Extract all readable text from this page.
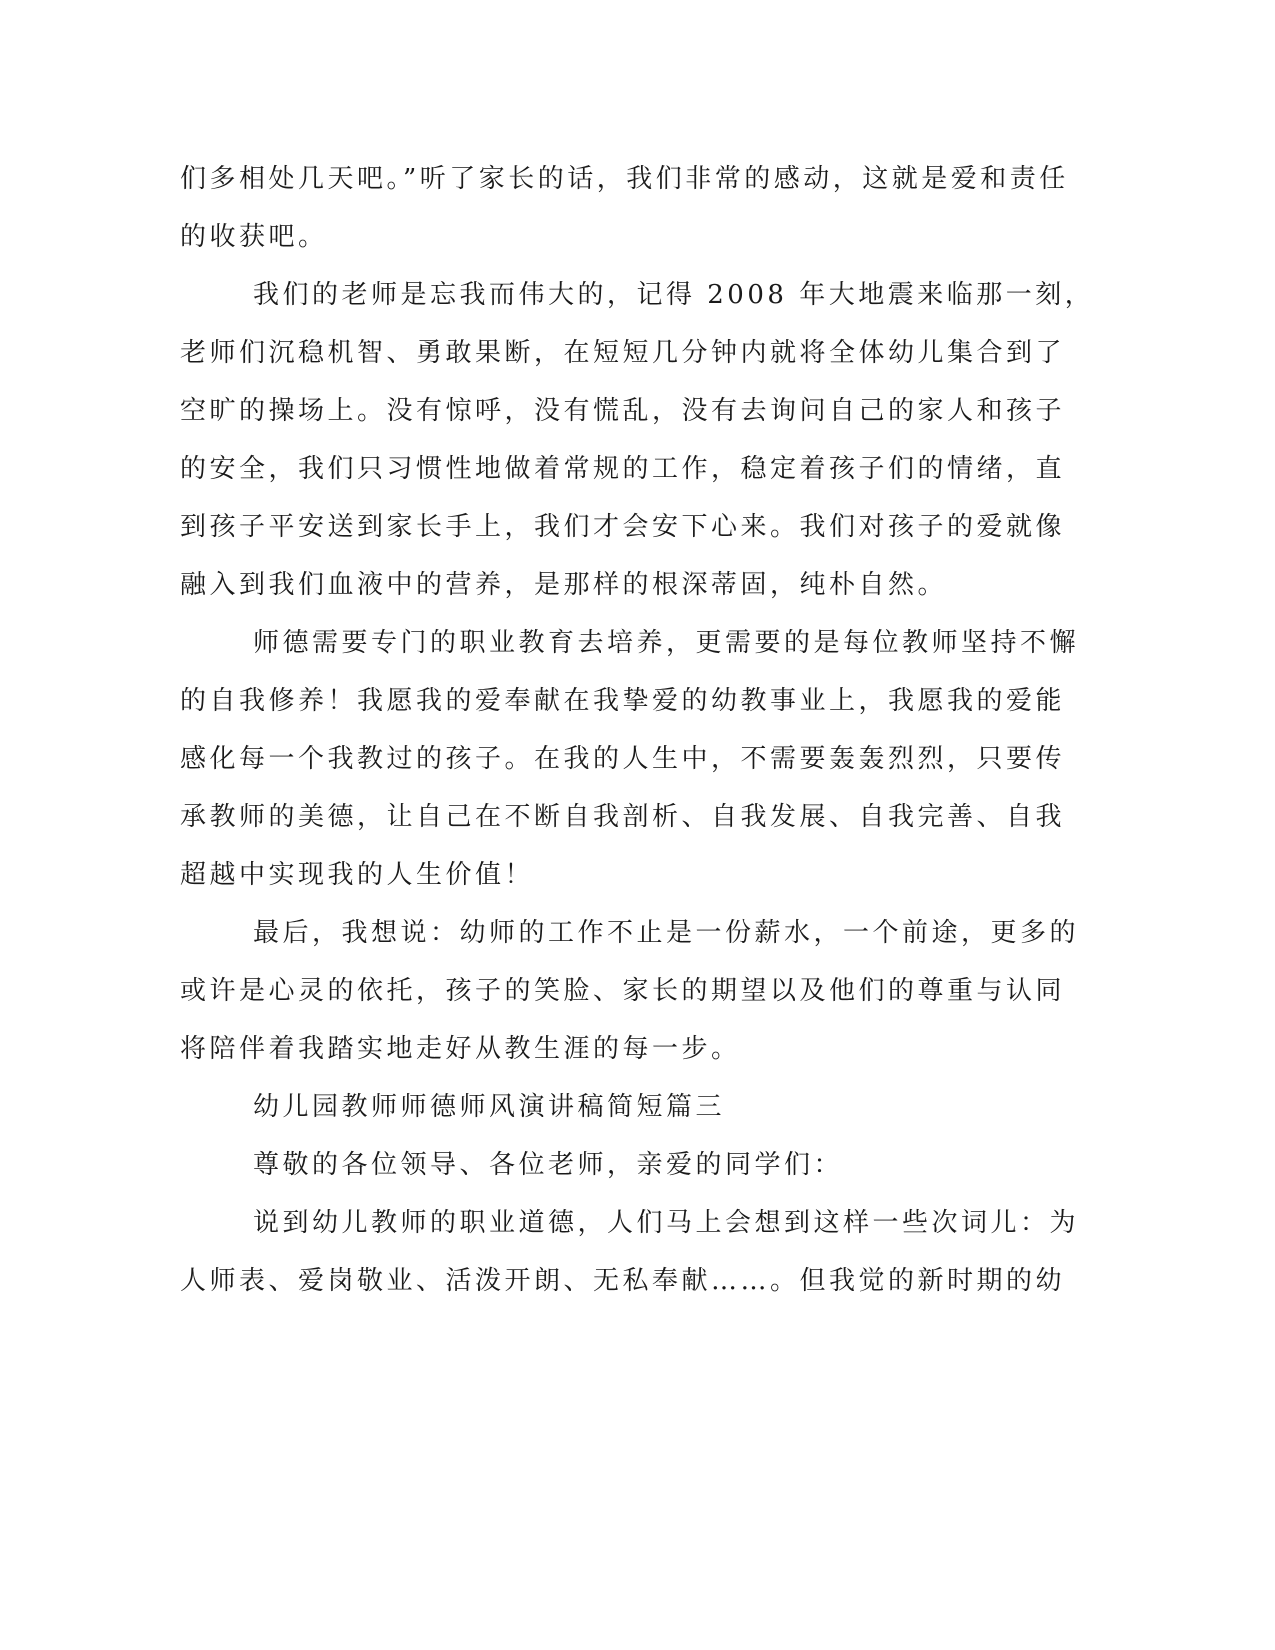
们多相处几天吧。”听了家长的话，我们非常的感动，这就是爱和责任
的收获吧。
我们的老师是忘我而伟大的，记得 2008 年大地震来临那一刻，
老师们沉稳机智、勇敢果断，在短短几分钟内就将全体幼儿集合到了
空旷的操场上。没有惊呼，没有慌乱，没有去询问自己的家人和孩子
的安全，我们只习惯性地做着常规的工作，稳定着孩子们的情绪，直
到孩子平安送到家长手上，我们才会安下心来。我们对孩子的爱就像
融入到我们血液中的营养，是那样的根深蒂固，纯朴自然。
师德需要专门的职业教育去培养，更需要的是每位教师坚持不懈
的自我修养！我愿我的爱奉献在我挚爱的幼教事业上，我愿我的爱能
感化每一个我教过的孩子。在我的人生中，不需要轰轰烈烈，只要传
承教师的美德，让自己在不断自我剖析、自我发展、自我完善、自我
超越中实现我的人生价值！
最后，我想说：幼师的工作不止是一份薪水，一个前途，更多的
或许是心灵的依托，孩子的笑脸、家长的期望以及他们的尊重与认同
将陪伴着我踏实地走好从教生涯的每一步。
幼儿园教师师德师风演讲稿简短篇三
尊敬的各位领导、各位老师，亲爱的同学们：
说到幼儿教师的职业道德，人们马上会想到这样一些次词儿：为
人师表、爱岗敬业、活泼开朗、无私奉献……。但我觉的新时期的幼
